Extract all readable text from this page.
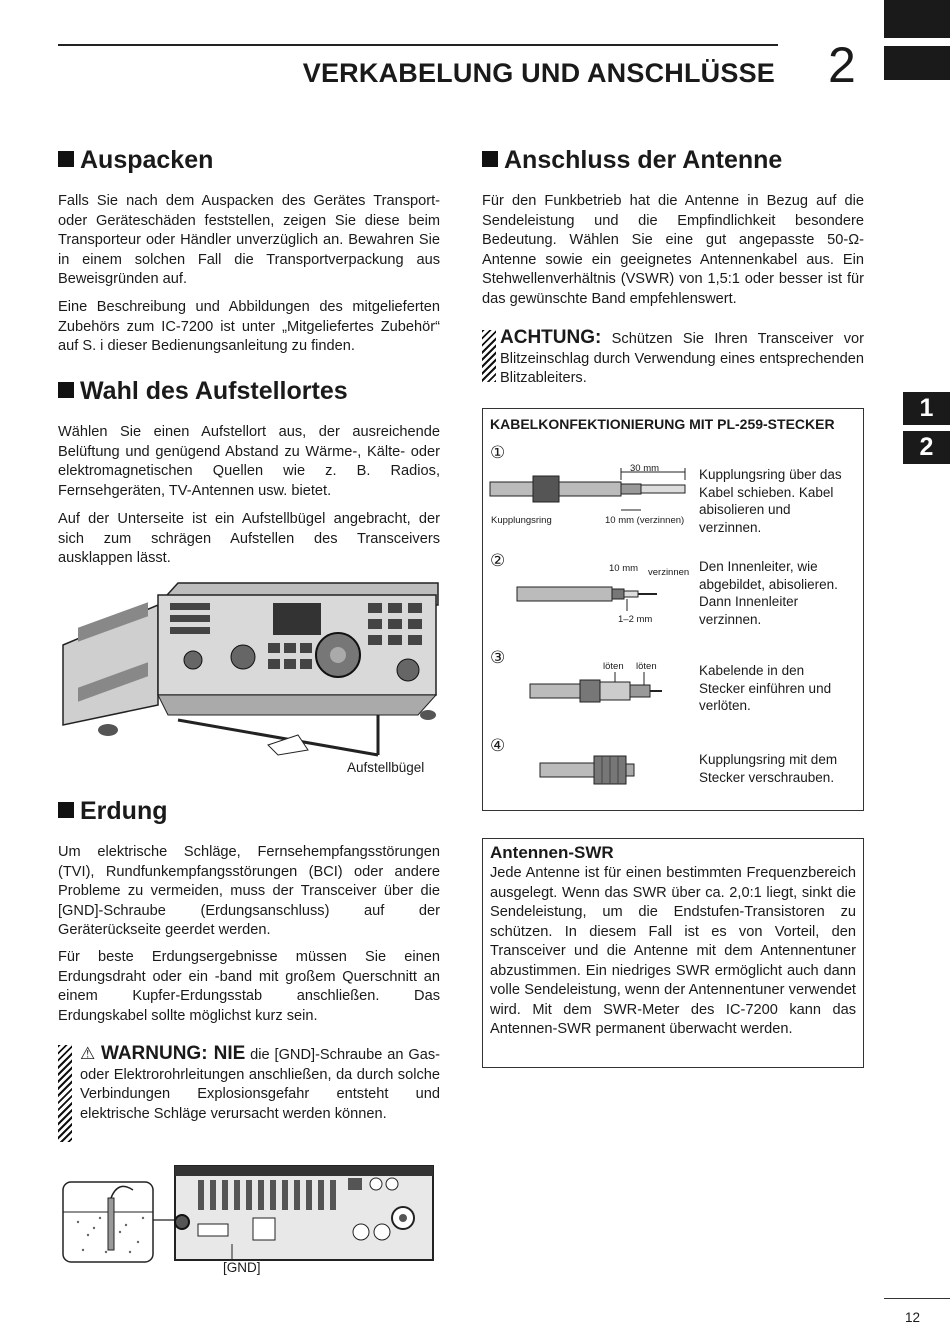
VERKABELUNG UND ANSCHLÜSSE 2
1
2
Auspacken

Falls Sie nach dem Auspacken des Gerätes Transport- oder Geräteschäden feststellen, zeigen Sie diese beim Transporteur oder Händler unverzüglich an. Bewahren Sie in einem solchen Fall die Transportverpackung aus Beweisgründen auf.

Eine Beschreibung und Abbildungen des mitgelieferten Zubehörs zum IC-7200 ist unter „Mitgeliefertes Zubehör“ auf S. i dieser Bedienungsanleitung zu finden.

Wahl des Aufstellortes

Wählen Sie einen Aufstellort aus, der ausreichende Belüftung und genügend Abstand zu Wärme-, Kälte- oder elektromagnetischen Quellen wie z. B. Radios, Fernsehgeräten, TV-Antennen usw. bietet.

Auf der Unterseite ist ein Aufstellbügel angebracht, der sich zum schrägen Aufstellen des Transceivers ausklappen lässt.

Aufstellbügel
Erdung

Um elektrische Schläge, Fernsehempfangsstörungen (TVI), Rundfunkempfangsstörungen (BCI) oder andere Probleme zu vermeiden, muss der Transceiver über die [GND]-Schraube (Erdungsanschluss) auf der Geräterückseite geerdet werden.

Für beste Erdungsergebnisse müssen Sie einen Erdungsdraht oder ein -band mit großem Querschnitt an einem Kupfer-Erdungsstab anschließen. Das Erdungskabel sollte möglichst kurz sein.

⚠ WARNUNG: NIE die [GND]-Schraube an Gas- oder Elektrorohrleitungen anschließen, da durch solche Verbindungen Explosionsgefahr entsteht und elektrische Schläge verursacht werden können.

[GND]
Anschluss der Antenne

Für den Funkbetrieb hat die Antenne in Bezug auf die Sendeleistung und die Empfindlichkeit besondere Bedeutung. Wählen Sie eine gut angepasste 50-Ω-Antenne sowie ein geeignetes Antennenkabel aus. Ein Stehwellenverhältnis (VSWR) von 1,5:1 oder besser ist für das gewünschte Band empfehlenswert.

ACHTUNG: Schützen Sie Ihren Transceiver vor Blitzeinschlag durch Verwendung eines entsprechenden Blitzableiters.

KABELKONFEKTIONIERUNG MIT PL-259-STECKER
①
30 mm
Kupplungsring	10 mm (verzinnen)

Kupplungsring über das Kabel schieben. Kabel abisolieren und verzinnen.

②	10 mm verzinnen
1–2 mm

Den Innenleiter, wie abgebildet, abisolieren. Dann Innenleiter verzinnen.

③	löten löten	Kabelende in den Stecker einführen und verlöten.

④

Kupplungsring mit dem Stecker verschrauben.

Antennen-SWR

Jede Antenne ist für einen bestimmten Frequenzbereich ausgelegt. Wenn das SWR über ca. 2,0:1 liegt, sinkt die Sendeleistung, um die Endstufen-Transistoren zu schützen. In diesem Fall ist es von Vorteil, den Transceiver und die Antenne mit dem Antennentuner abzustimmen. Ein niedriges SWR ermöglicht auch dann volle Sendeleistung, wenn der Antennentuner verwendet wird. Mit dem SWR-Meter des IC-7200 kann das Antennen-SWR permanent überwacht werden.

12
